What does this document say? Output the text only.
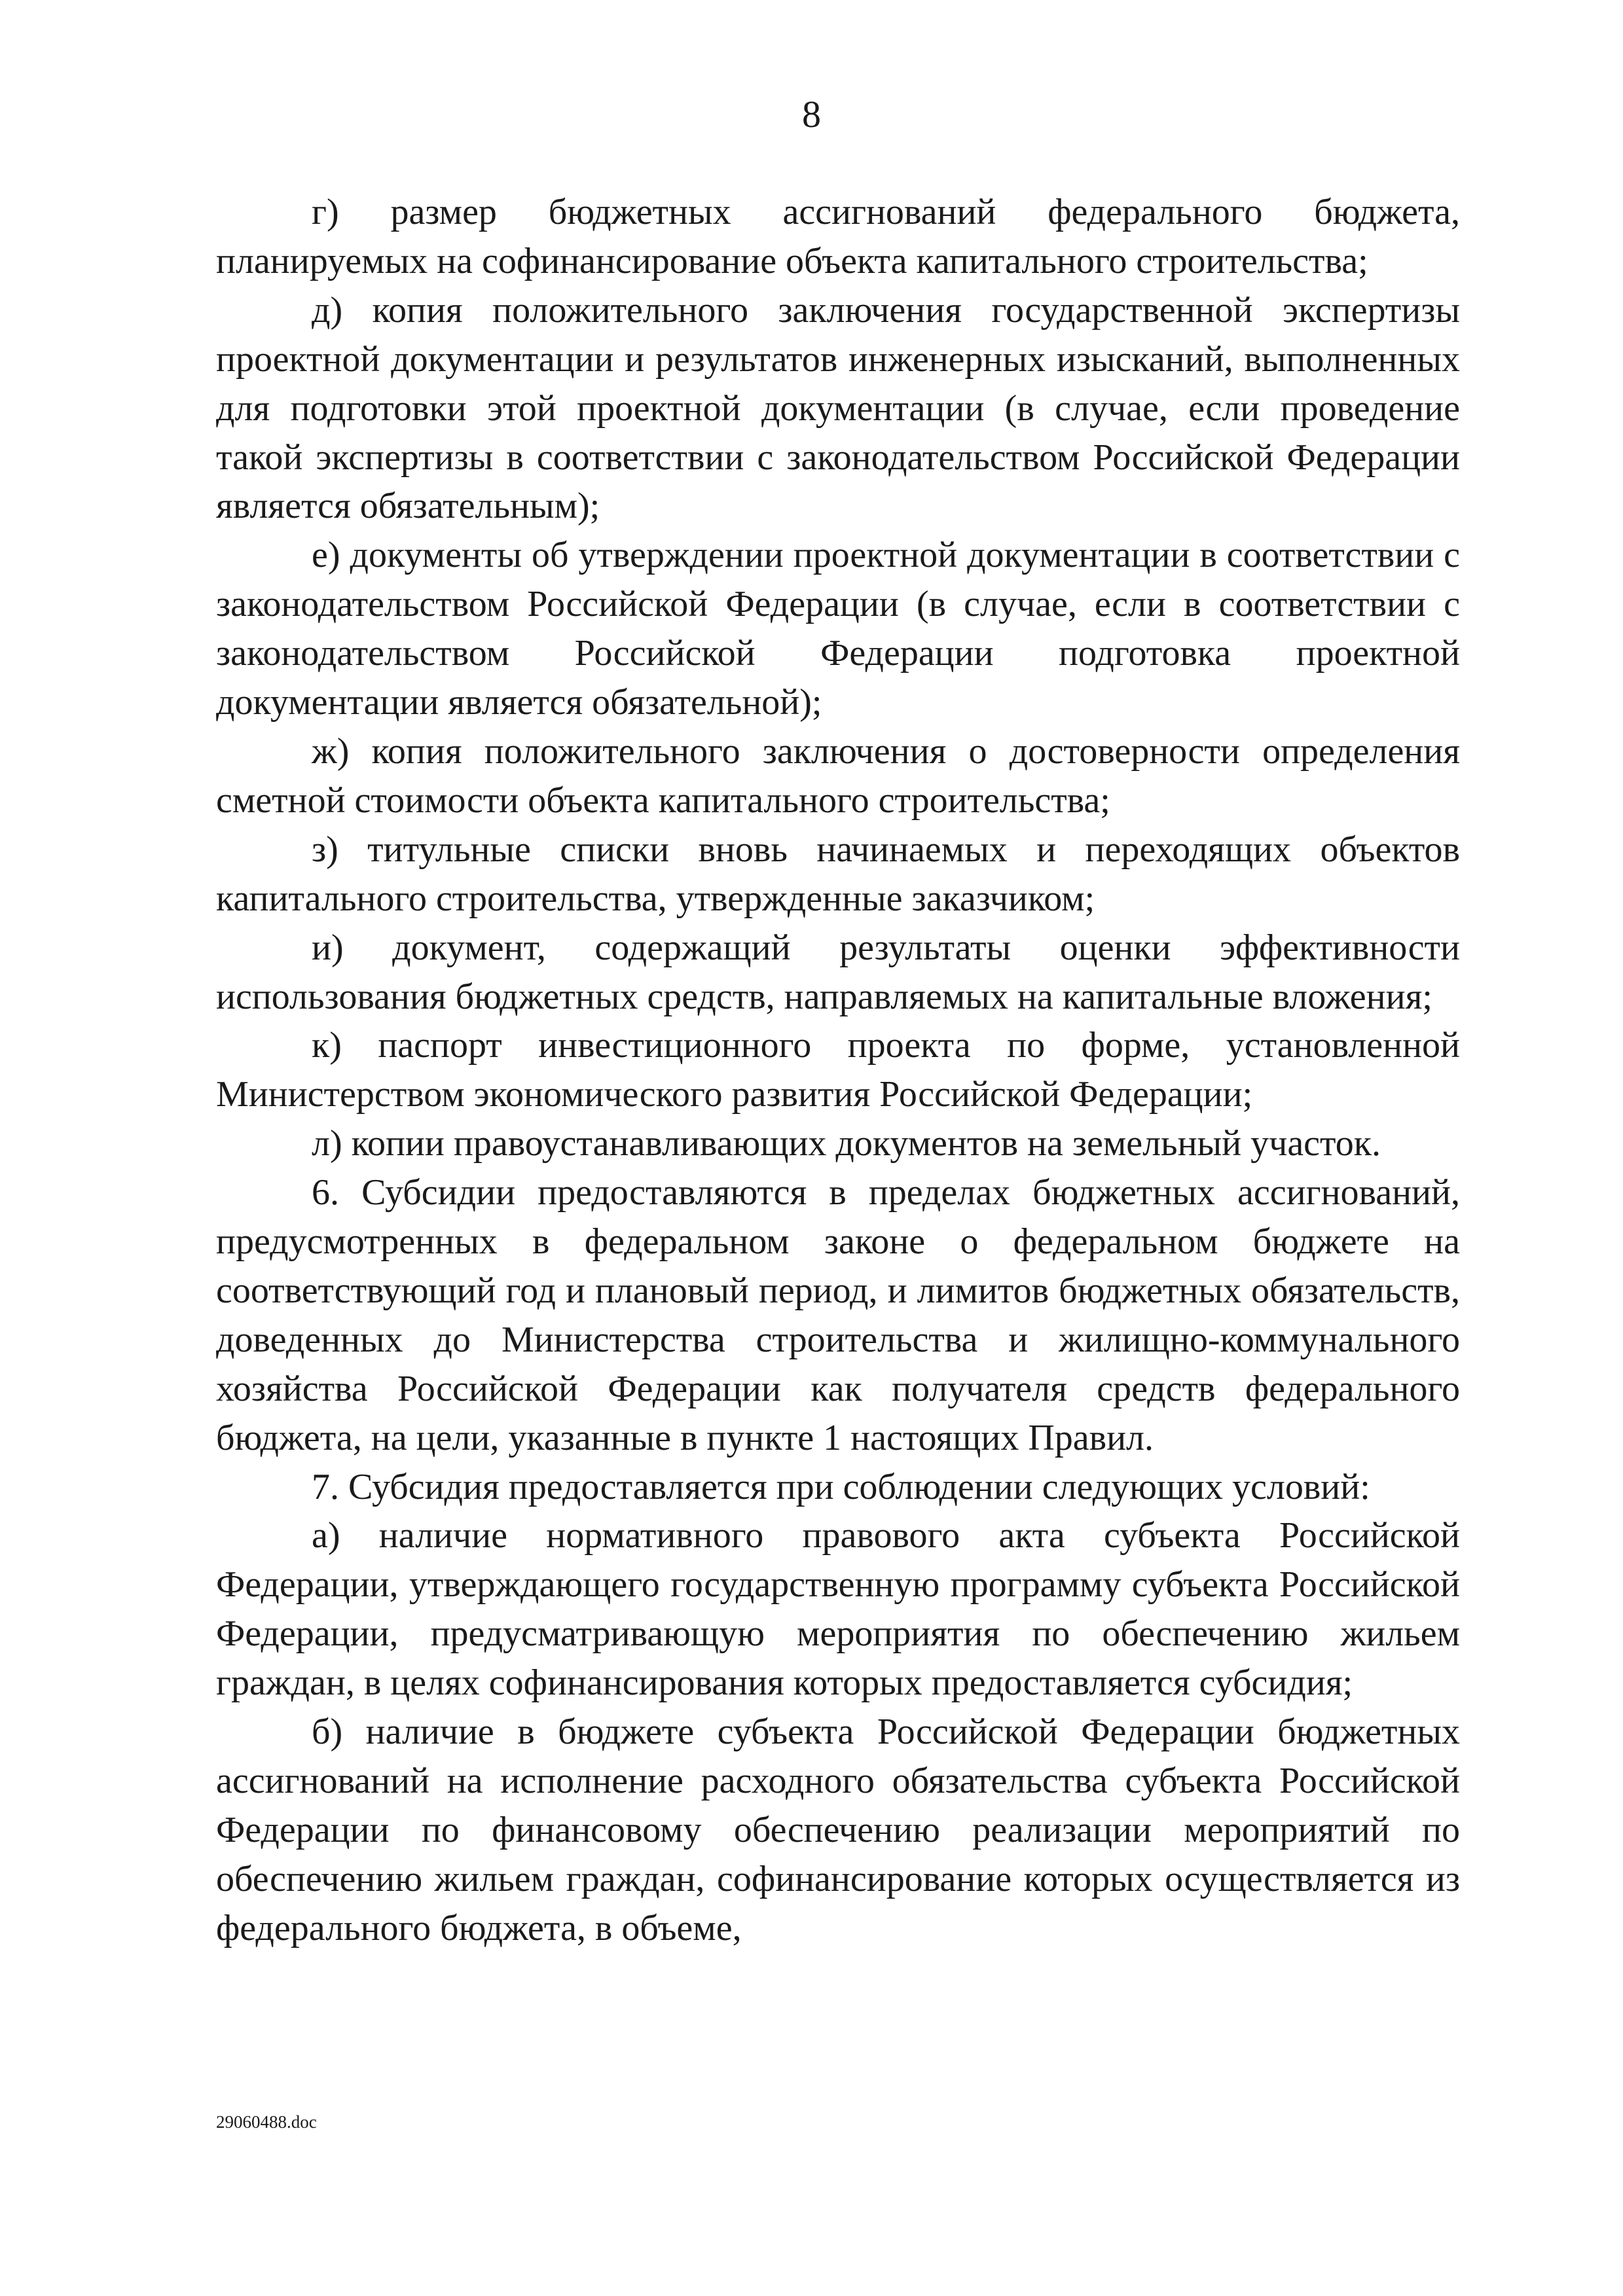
8

г) размер бюджетных ассигнований федерального бюджета, планируемых на софинансирование объекта капитального строительства;

д) копия положительного заключения государственной экспертизы проектной документации и результатов инженерных изысканий, выполненных для подготовки этой проектной документации (в случае, если проведение такой экспертизы в соответствии с законодательством Российской Федерации является обязательным);

е) документы об утверждении проектной документации в соответствии с законодательством Российской Федерации (в случае, если в соответствии с законодательством Российской Федерации подготовка проектной документации является обязательной);

ж) копия положительного заключения о достоверности определения сметной стоимости объекта капитального строительства;

з) титульные списки вновь начинаемых и переходящих объектов капитального строительства, утвержденные заказчиком;

и) документ, содержащий результаты оценки эффективности использования бюджетных средств, направляемых на капитальные вложения;

к) паспорт инвестиционного проекта по форме, установленной Министерством экономического развития Российской Федерации;

л) копии правоустанавливающих документов на земельный участок.

6. Субсидии предоставляются в пределах бюджетных ассигнований, предусмотренных в федеральном законе о федеральном бюджете на соответствующий год и плановый период, и лимитов бюджетных обязательств, доведенных до Министерства строительства и жилищно-коммунального хозяйства Российской Федерации как получателя средств федерального бюджета, на цели, указанные в пункте 1 настоящих Правил.

7. Субсидия предоставляется при соблюдении следующих условий:

а) наличие нормативного правового акта субъекта Российской Федерации, утверждающего государственную программу субъекта Российской Федерации, предусматривающую мероприятия по обеспечению жильем граждан, в целях софинансирования которых предоставляется субсидия;

б) наличие в бюджете субъекта Российской Федерации бюджетных ассигнований на исполнение расходного обязательства субъекта Российской Федерации по финансовому обеспечению реализации мероприятий по обеспечению жильем граждан, софинансирование которых осуществляется из федерального бюджета, в объеме,

29060488.doc
